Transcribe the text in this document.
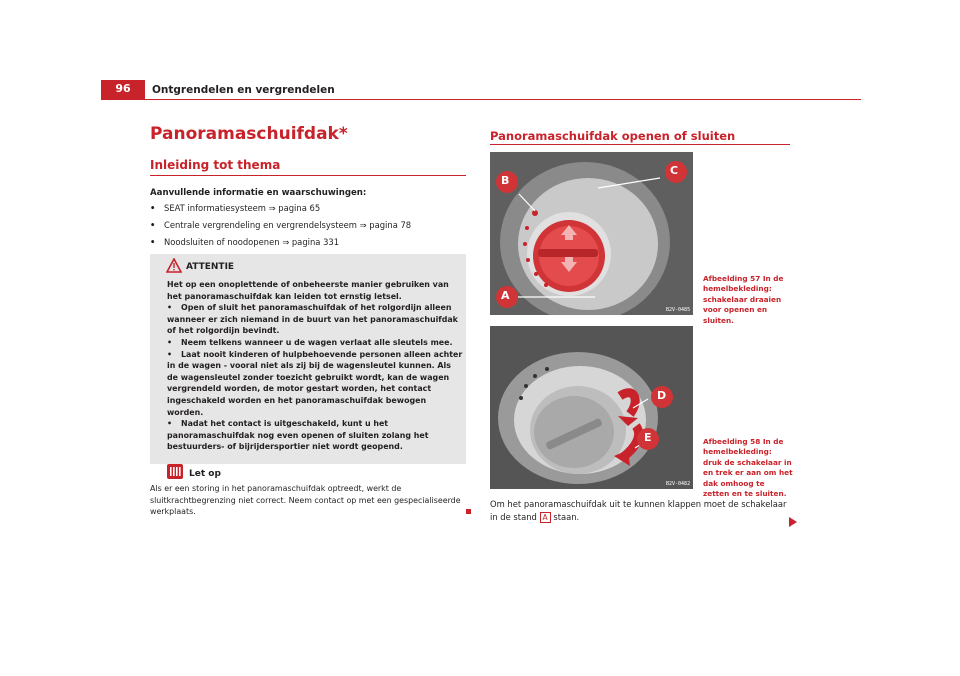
96	Ontgrendelen en vergrendelen
Panoramaschuifdak*
Inleiding tot thema
Aanvullende informatie en waarschuwingen:
• SEAT informatiesysteem ⇒ pagina 65
• Centrale vergrendeling en vergrendelsysteem ⇒ pagina 78
• Noodsluiten of noodopenen ⇒ pagina 331
ATTENTIE

Het op een onoplettende of onbeheerste manier gebruiken van het panoramaschuifdak kan leiden tot ernstig letsel.

• Open of sluit het panoramaschuifdak of het rolgordijn alleen wanneer er zich niemand in de buurt van het panoramaschuifdak of het rolgordijn bevindt.

• Neem telkens wanneer u de wagen verlaat alle sleutels mee.

• Laat nooit kinderen of hulpbehoevende personen alleen achter in de wagen - vooral niet als zij bij de wagensleutel kunnen. Als de wagensleutel zonder toezicht gebruikt wordt, kan de wagen vergrendeld worden, de motor gestart worden, het contact ingeschakeld worden en het panoramaschuifdak bewogen worden.

• Nadat het contact is uitgeschakeld, kunt u het panoramaschuifdak nog even openen of sluiten zolang het bestuurders- of bijrijdersportier niet wordt geopend.

Let op
Als er een storing in het panoramaschuifdak optreedt, werkt de sluitkrachtbegrenzing niet correct. Neem contact op met een gespecialiseerde werkplaats.
Panoramaschuifdak openen of sluiten
B
A
C
B2V-0485
Afbeelding 57 In de hemelbekleding: schakelaar draaien voor openen en sluiten.
D
E
B2V-0482
Afbeelding 58 In de hemelbekleding: druk de schakelaar in en trek er aan om het dak omhoog te zetten en te sluiten.
Om het panoramaschuifdak uit te kunnen klappen moet de schakelaar in de stand A staan.
